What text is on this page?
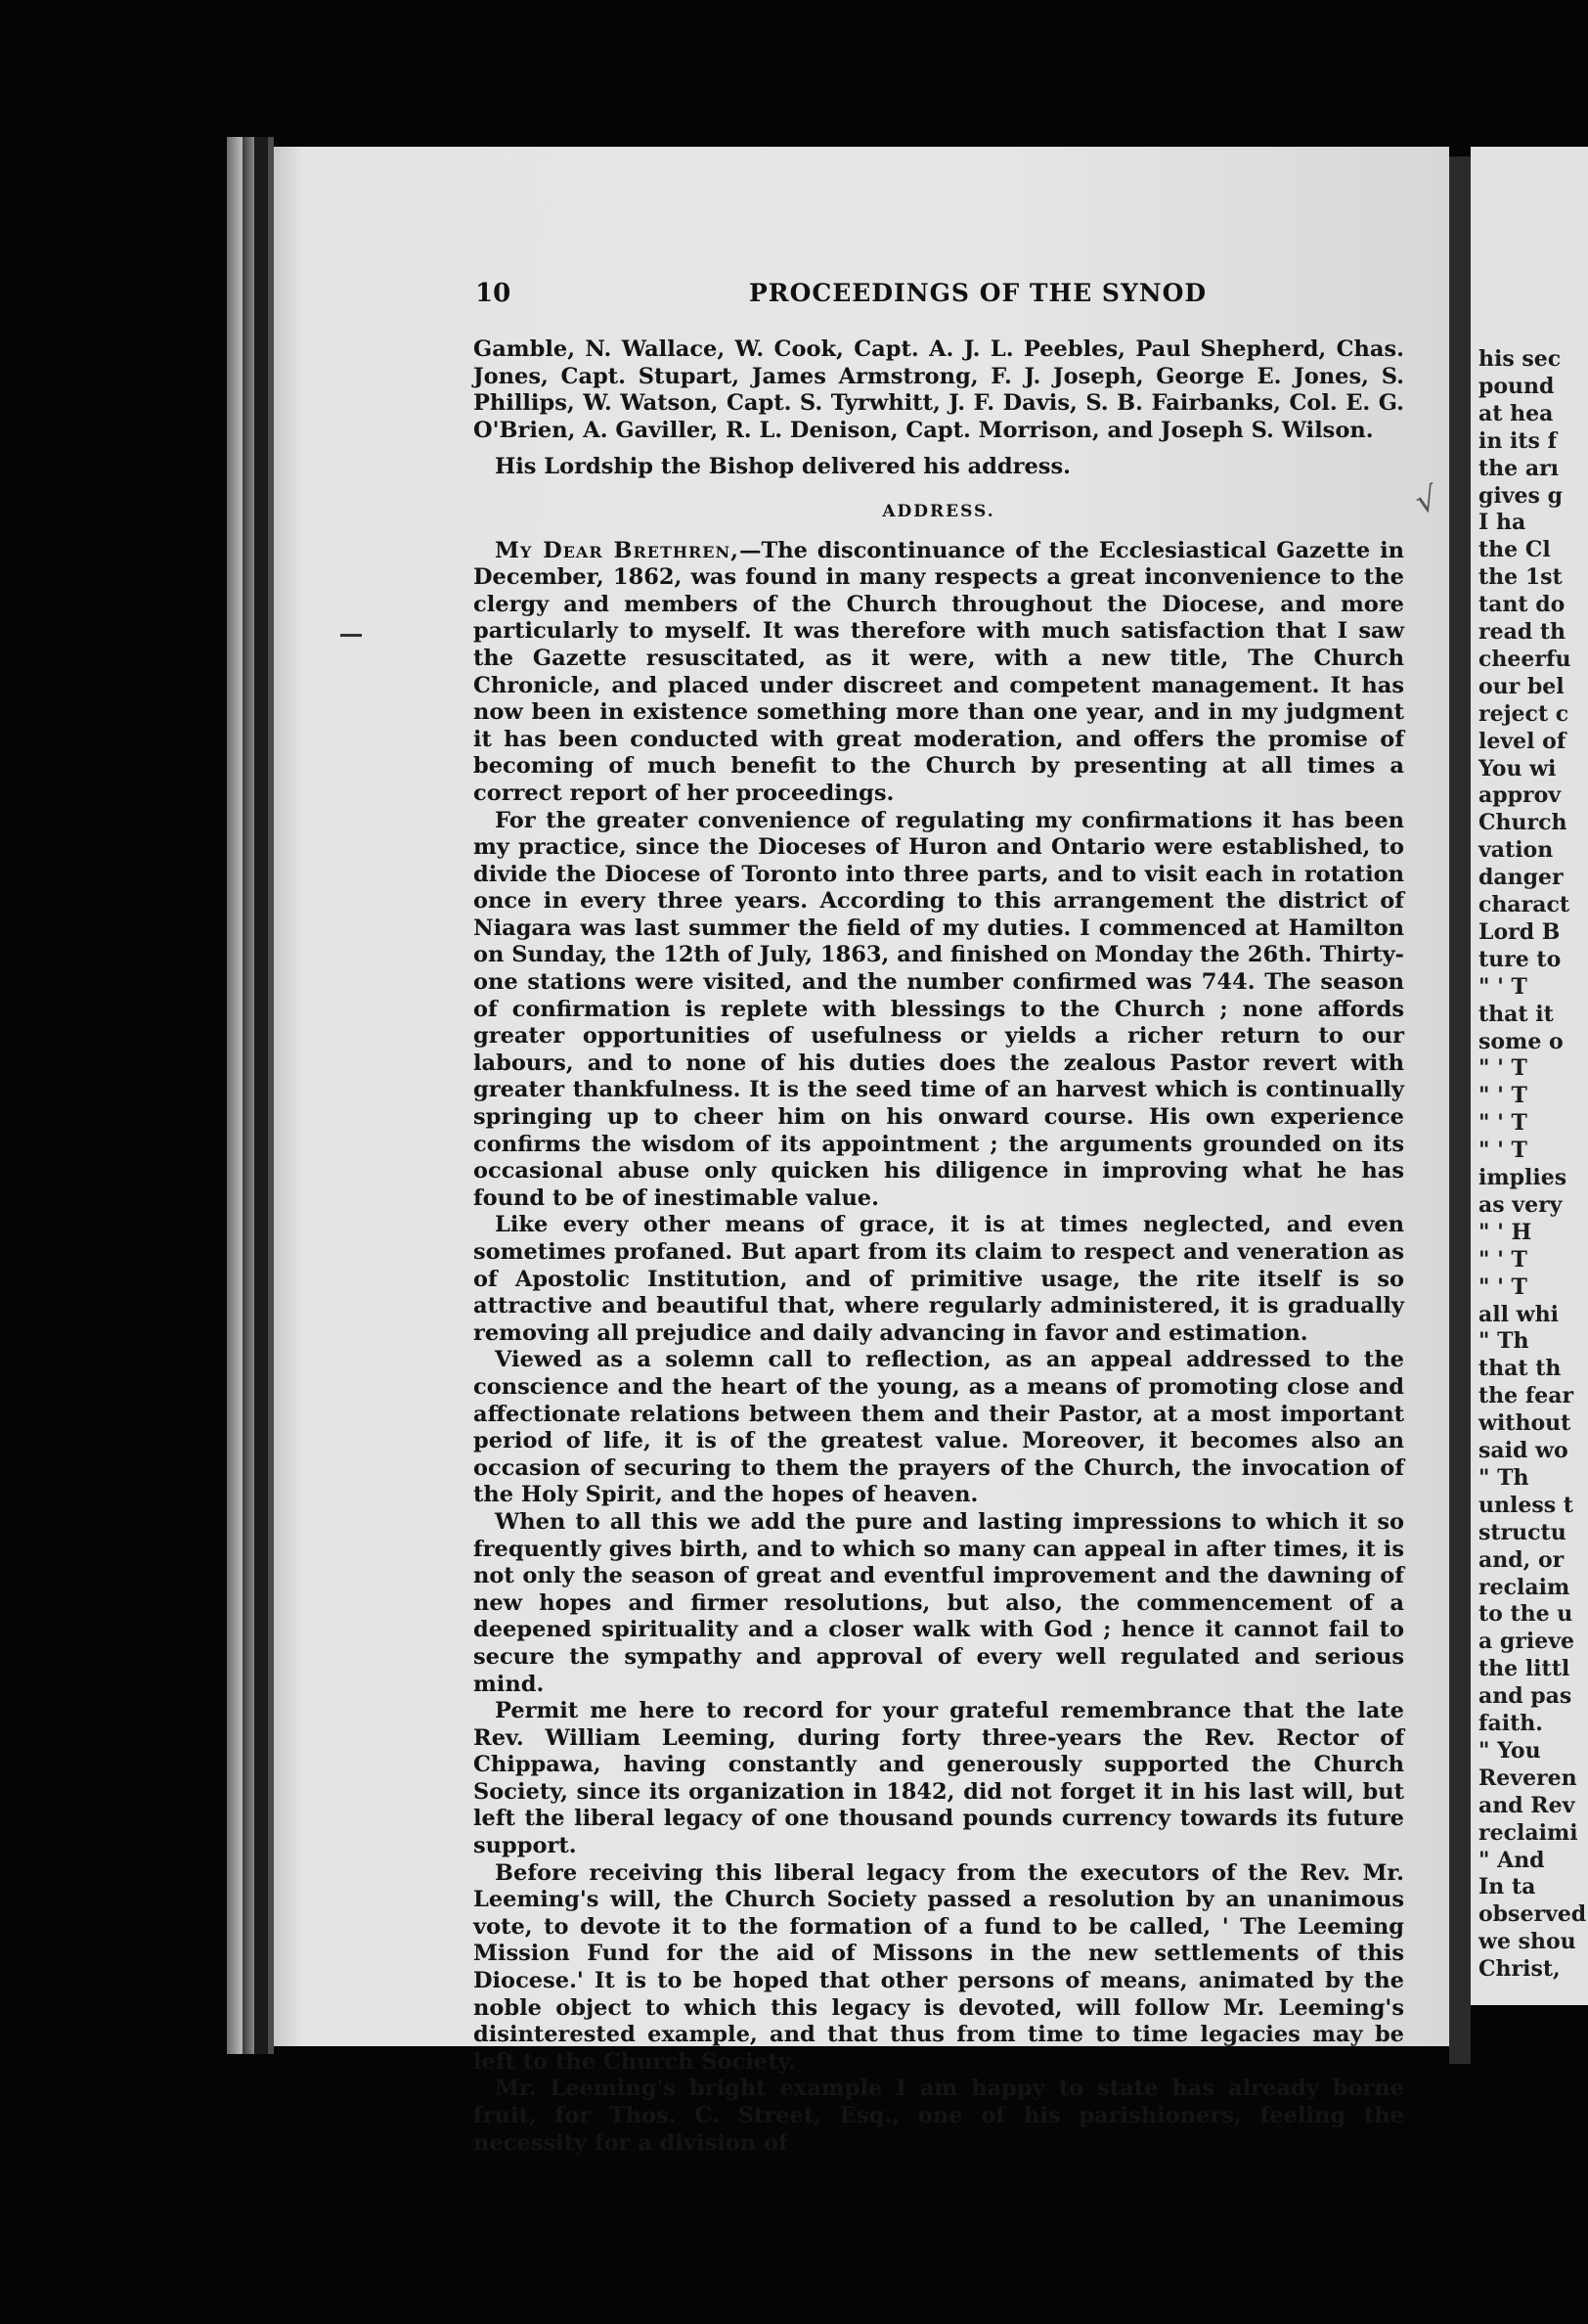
his sec
pound
at hea
in its f
the arı
gives g
I ha
the Cl
the 1st
tant do
read th
cheerfu
our bel
reject c
level of
You wi
approv
Church
vation
danger
charact
Lord B
ture to
" ' T
that it
some o
" ' T
" ' T
" ' T
" ' T
implies
as very
" ' H
" ' T
" ' T
all whi
" Th
that th
the fear
without
said wo
" Th
unless t
structu
and, or
reclaim
to the u
a grieve
the littl
and pas
faith.
" You
Reveren
and Rev
reclaimi
" And
In ta
observed
we shou
Christ,
10	PROCEEDINGS OF THE SYNOD
√

Gamble, N. Wallace, W. Cook, Capt. A. J. L. Peebles, Paul Shepherd, Chas. Jones, Capt. Stupart, James Armstrong, F. J. Joseph, George E. Jones, S. Phillips, W. Watson, Capt. S. Tyrwhitt, J. F. Davis, S. B. Fairbanks, Col. E. G. O'Brien, A. Gaviller, R. L. Denison, Capt. Morrison, and Joseph S. Wilson.

His Lordship the Bishop delivered his address.

ADDRESS.

My Dear Brethren,—The discontinuance of the Ecclesiastical Gazette in December, 1862, was found in many respects a great inconvenience to the clergy and members of the Church throughout the Diocese, and more particularly to myself. It was therefore with much satisfaction that I saw the Gazette resuscitated, as it were, with a new title, The Church Chronicle, and placed under discreet and competent management. It has now been in existence something more than one year, and in my judgment it has been conducted with great moderation, and offers the promise of becoming of much benefit to the Church by presenting at all times a correct report of her proceedings.

For the greater convenience of regulating my confirmations it has been my practice, since the Dioceses of Huron and Ontario were established, to divide the Diocese of Toronto into three parts, and to visit each in rotation once in every three years. According to this arrangement the district of Niagara was last summer the field of my duties. I commenced at Hamilton on Sunday, the 12th of July, 1863, and finished on Monday the 26th. Thirty-one stations were visited, and the number confirmed was 744. The season of confirmation is replete with blessings to the Church ; none affords greater opportunities of usefulness or yields a richer return to our labours, and to none of his duties does the zealous Pastor revert with greater thankfulness. It is the seed time of an harvest which is continually springing up to cheer him on his onward course. His own experience confirms the wisdom of its appointment ; the arguments grounded on its occasional abuse only quicken his diligence in improving what he has found to be of inestimable value.

Like every other means of grace, it is at times neglected, and even sometimes profaned. But apart from its claim to respect and veneration as of Apostolic Institution, and of primitive usage, the rite itself is so attractive and beautiful that, where regularly administered, it is gradually removing all prejudice and daily advancing in favor and estimation.

Viewed as a solemn call to reflection, as an appeal addressed to the conscience and the heart of the young, as a means of promoting close and affectionate relations between them and their Pastor, at a most important period of life, it is of the greatest value. Moreover, it becomes also an occasion of securing to them the prayers of the Church, the invocation of the Holy Spirit, and the hopes of heaven.

When to all this we add the pure and lasting impressions to which it so frequently gives birth, and to which so many can appeal in after times, it is not only the season of great and eventful improvement and the dawning of new hopes and firmer resolutions, but also, the commencement of a deepened spirituality and a closer walk with God ; hence it cannot fail to secure the sympathy and approval of every well regulated and serious mind.

Permit me here to record for your grateful remembrance that the late Rev. William Leeming, during forty three-years the Rev. Rector of Chippawa, having constantly and generously supported the Church Society, since its organization in 1842, did not forget it in his last will, but left the liberal legacy of one thousand pounds currency towards its future support.

Before receiving this liberal legacy from the executors of the Rev. Mr. Leeming's will, the Church Society passed a resolution by an unanimous vote, to devote it to the formation of a fund to be called, ' The Leeming Mission Fund for the aid of Missons in the new settlements of this Diocese.' It is to be hoped that other persons of means, animated by the noble object to which this legacy is devoted, will follow Mr. Leeming's disinterested example, and that thus from time to time legacies may be left to the Church Society.

Mr. Leeming's bright example I am happy to state has already borne fruit, for Thos. C. Street, Esq., one of his parishioners, feeling the necessity for a division of
